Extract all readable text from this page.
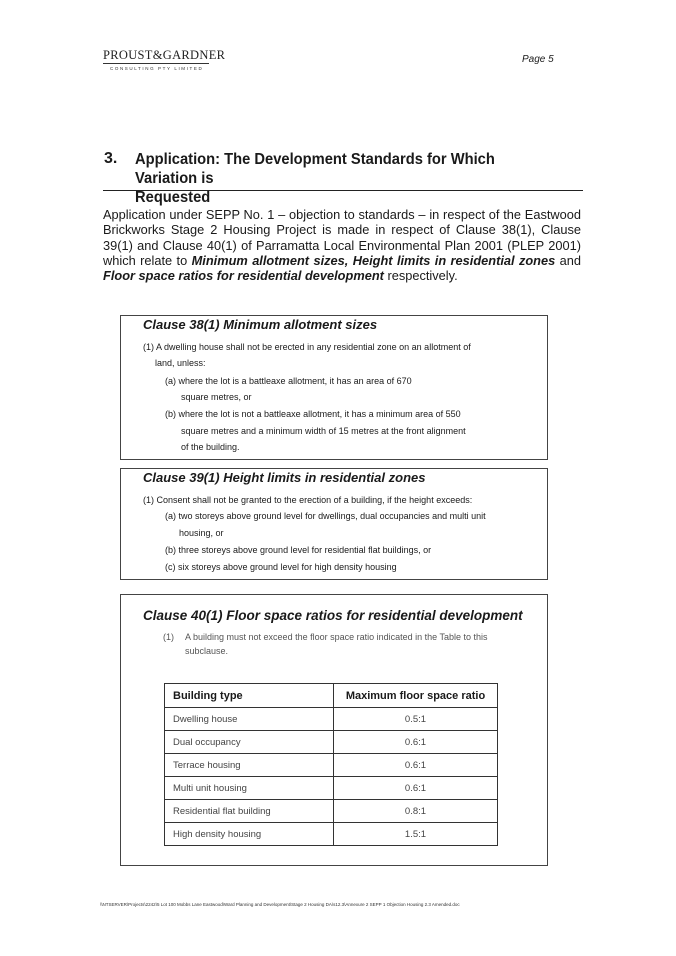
PROUST&GARDNER
CONSULTING PTY LIMITED
Page 5
3. Application: The Development Standards for Which Variation is
Requested
Application under SEPP No. 1 – objection to standards – in respect of the Eastwood Brickworks Stage 2 Housing Project is made in respect of Clause 38(1), Clause 39(1) and Clause 40(1) of Parramatta Local Environmental Plan 2001 (PLEP 2001) which relate to Minimum allotment sizes, Height limits in residential zones and Floor space ratios for residential development respectively.
Clause 38(1) Minimum allotment sizes
(1) A dwelling house shall not be erected in any residential zone on an allotment of
land, unless:
(a) where the lot is a battleaxe allotment, it has an area of 670
square metres, or
(b) where the lot is not a battleaxe allotment, it has a minimum area of 550
square metres and a minimum width of 15 metres at the front alignment
of the building.
Clause 39(1) Height limits in residential zones
(1) Consent shall not be granted to the erection of a building, if the height exceeds:
(a) two storeys above ground level for dwellings, dual occupancies and multi unit
housing, or
(b) three storeys above ground level for residential flat buildings, or
(c) six storeys above ground level for high density housing
Clause 40(1) Floor space ratios for residential development
(1) A building must not exceed the floor space ratio indicated in the Table to this
subclause.
Building type	Maximum floor space ratio
Dwelling house	0.5:1
Dual occupancy	0.6:1
Terrace housing	0.6:1
Multi unit housing	0.6:1
Residential flat building	0.8:1
High density housing	1.5:1
\\NTSERVER\Projects\2242\5 Lot 100 Mobbs Lane Eastwood\Ward Planning and Development\Stage 2 Housing DA\s12.3\Annexure 2 SEPP 1 Objection Housing 2.3 Amended.doc
